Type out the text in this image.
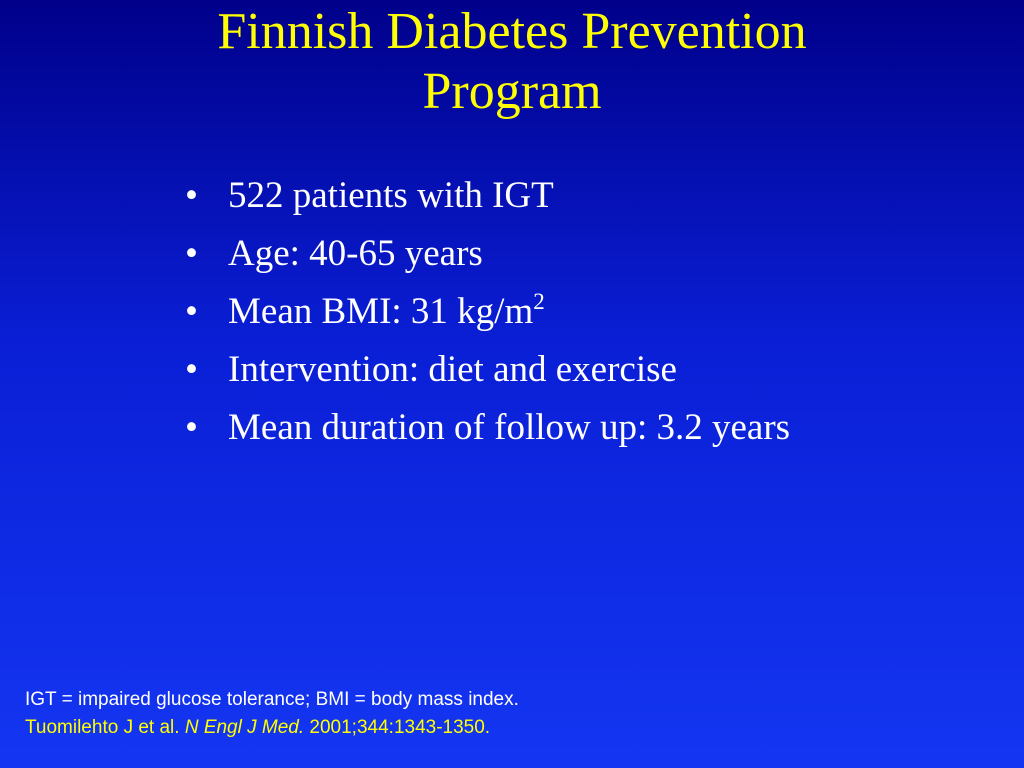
Finnish Diabetes Prevention
Program
• 522 patients with IGT
• Age: 40-65 years
• Mean BMI: 31 $kg/m^2$
• Intervention: diet and exercise
• Mean duration of follow up: 3.2 years
IGT = impaired glucose tolerance; BMI = body mass index.
Tuomilehto J et al. N Engl J Med. 2001;344:1343-1350.
